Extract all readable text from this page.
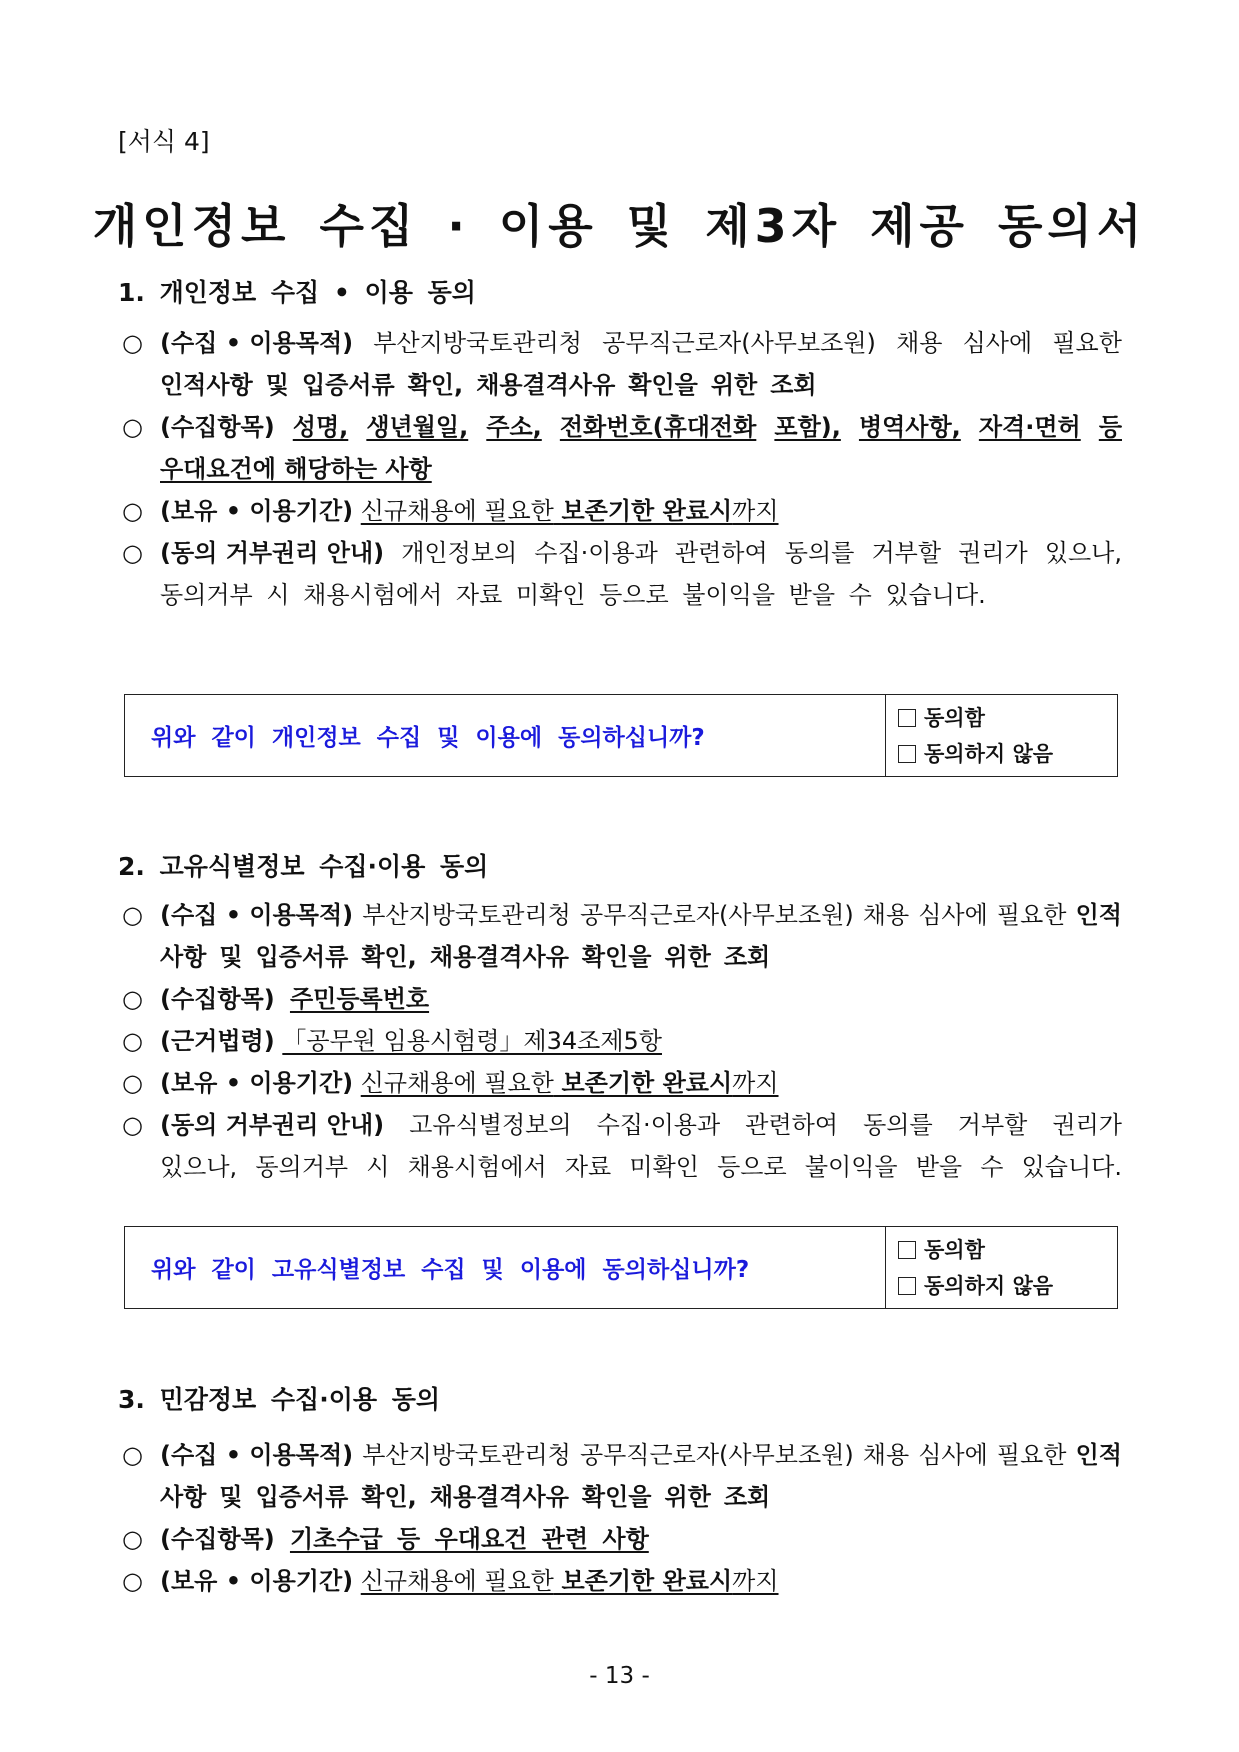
[서식 4]
개인정보 수집 · 이용 및 제3자 제공 동의서
1. 개인정보 수집 • 이용 동의
○ (수집 • 이용목적) 부산지방국토관리청 공무직근로자(사무보조원) 채용 심사에 필요한
인적사항 및 입증서류 확인, 채용결격사유 확인을 위한 조회
○ (수집항목) 성명, 생년월일, 주소, 전화번호(휴대전화 포함), 병역사항, 자격·면허 등
우대요건에 해당하는 사항
○ (보유 • 이용기간)
신규채용에 필요한 보존기한 완료시까지
○ (동의 거부권리 안내) 개인정보의 수집·이용과 관련하여 동의를 거부할 권리가 있으나,
동의거부 시 채용시험에서 자료 미확인 등으로 불이익을 받을 수 있습니다.
위와 같이 개인정보 수집 및 이용에 동의하십니까?
동의함
동의하지 않음
2. 고유식별정보 수집·이용 동의
○ (수집 • 이용목적) 부산지방국토관리청 공무직근로자(사무보조원) 채용 심사에 필요한 인적
사항 및 입증서류 확인, 채용결격사유 확인을 위한 조회
○ (수집항목)
주민등록번호
○ (근거법령)
「공무원 임용시험령」제34조제5항
○ (보유 • 이용기간)
신규채용에 필요한 보존기한 완료시까지
○ (동의 거부권리 안내) 고유식별정보의 수집·이용과 관련하여 동의를 거부할 권리가
있으나, 동의거부 시 채용시험에서 자료 미확인 등으로 불이익을 받을 수 있습니다.
위와 같이 고유식별정보 수집 및 이용에 동의하십니까?
동의함
동의하지 않음
3. 민감정보 수집·이용 동의
○ (수집 • 이용목적) 부산지방국토관리청 공무직근로자(사무보조원) 채용 심사에 필요한 인적
사항 및 입증서류 확인, 채용결격사유 확인을 위한 조회
○ (수집항목)
기초수급 등 우대요건 관련 사항
○ (보유 • 이용기간)
신규채용에 필요한 보존기한 완료시까지
- 13 -
